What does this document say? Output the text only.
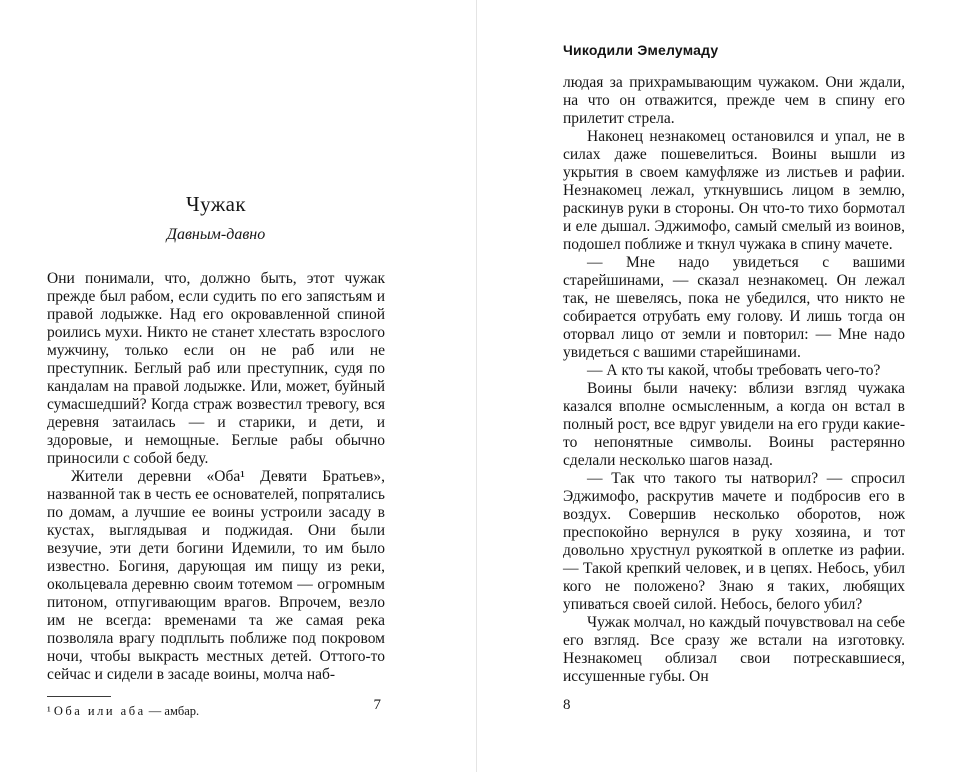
Чужак
Давным-давно

Они понимали, что, должно быть, этот чужак прежде был рабом, если судить по его запястьям и правой лодыжке. Над его окровавленной спиной роились мухи. Никто не станет хлестать взрослого мужчину, только если он не раб или не преступник. Беглый раб или преступник, судя по кандалам на правой лодыжке. Или, может, буйный сумасшедший? Когда страж возвестил тревогу, вся деревня затаилась — и старики, и дети, и здоровые, и немощные. Беглые рабы обычно приносили с собой беду.

Жители деревни «Оба¹ Девяти Братьев», названной так в честь ее основателей, попрятались по домам, а лучшие ее воины устроили засаду в кустах, выглядывая и поджидая. Они были везучие, эти дети богини Идемили, то им было известно. Богиня, дарующая им пищу из реки, окольцевала деревню своим тотемом — огромным питоном, отпугивающим врагов. Впрочем, везло им не всегда: временами та же самая река позволяла врагу подплыть поближе под покровом ночи, чтобы выкрасть местных детей. Оттого-то сейчас и сидели в засаде воины, молча наб-

¹ Оба или аба — амбар.	7
Чикодили Эмелумаду

людая за прихрамывающим чужаком. Они ждали, на что он отважится, прежде чем в спину его прилетит стрела.

Наконец незнакомец остановился и упал, не в силах даже пошевелиться. Воины вышли из укрытия в своем камуфляже из листьев и рафии. Незнакомец лежал, уткнувшись лицом в землю, раскинув руки в стороны. Он что-то тихо бормотал и еле дышал. Эджимофо, самый смелый из воинов, подошел поближе и ткнул чужака в спину мачете.

— Мне надо увидеться с вашими старейшинами, — сказал незнакомец. Он лежал так, не шевелясь, пока не убедился, что никто не собирается отрубать ему голову. И лишь тогда он оторвал лицо от земли и повторил: — Мне надо увидеться с вашими старейшинами.

— А кто ты какой, чтобы требовать чего-то?

Воины были начеку: вблизи взгляд чужака казался вполне осмысленным, а когда он встал в полный рост, все вдруг увидели на его груди какие-то непонятные символы. Воины растерянно сделали несколько шагов назад.

— Так что такого ты натворил? — спросил Эджимофо, раскрутив мачете и подбросив его в воздух. Совершив несколько оборотов, нож преспокойно вернулся в руку хозяина, и тот довольно хрустнул рукояткой в оплетке из рафии. — Такой крепкий человек, и в цепях. Небось, убил кого не положено? Знаю я таких, любящих упиваться своей силой. Небось, белого убил?

Чужак молчал, но каждый почувствовал на себе его взгляд. Все сразу же встали на изготовку. Незнакомец облизал свои потрескавшиеся, иссушенные губы. Он

8
